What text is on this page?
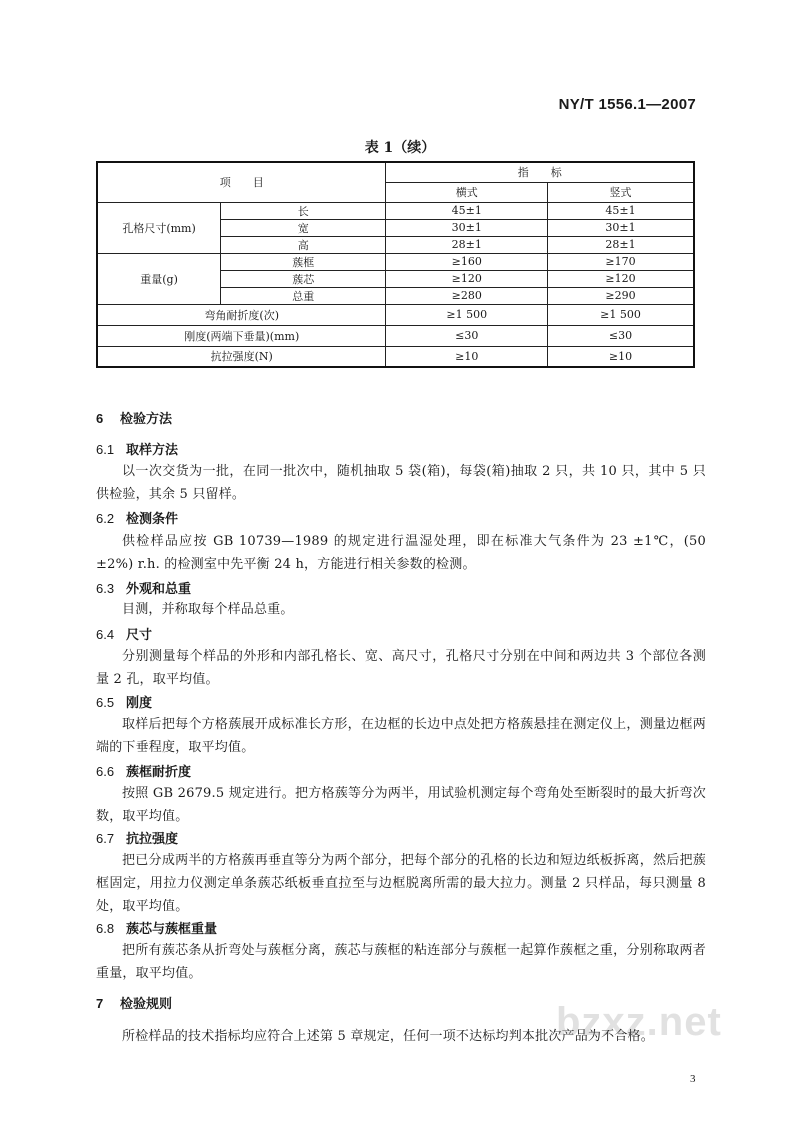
NY/T 1556.1—2007
表 1（续）
项　　目		指　　标	
		横式	竖式
孔格尺寸(mm)	长	45±1	45±1
	宽	30±1	30±1
	高	28±1	28±1
重量(g)	蔟框	≥160	≥170
	蔟芯	≥120	≥120
	总重	≥280	≥290
弯角耐折度(次)		≥1 500	≥1 500
刚度(两端下垂量)(mm)		≤30	≤30
抗拉强度(N)		≥10	≥10
6 检验方法
6.1 取样方法
以一次交货为一批，在同一批次中，随机抽取 5 袋(箱)，每袋(箱)抽取 2 只，共 10 只，其中 5 只供检验，其余 5 只留样。
6.2 检测条件
供检样品应按 GB 10739—1989 的规定进行温湿处理，即在标准大气条件为 23 ±1℃，(50 ±2%) r.h. 的检测室中先平衡 24 h，方能进行相关参数的检测。
6.3 外观和总重
目测，并称取每个样品总重。
6.4 尺寸
分别测量每个样品的外形和内部孔格长、宽、高尺寸，孔格尺寸分别在中间和两边共 3 个部位各测量 2 孔，取平均值。
6.5 刚度
取样后把每个方格蔟展开成标准长方形，在边框的长边中点处把方格蔟悬挂在测定仪上，测量边框两端的下垂程度，取平均值。
6.6 蔟框耐折度
按照 GB 2679.5 规定进行。把方格蔟等分为两半，用试验机测定每个弯角处至断裂时的最大折弯次数，取平均值。
6.7 抗拉强度
把已分成两半的方格蔟再垂直等分为两个部分，把每个部分的孔格的长边和短边纸板拆离，然后把蔟框固定，用拉力仪测定单条蔟芯纸板垂直拉至与边框脱离所需的最大拉力。测量 2 只样品，每只测量 8 处，取平均值。
6.8 蔟芯与蔟框重量
把所有蔟芯条从折弯处与蔟框分离，蔟芯与蔟框的粘连部分与蔟框一起算作蔟框之重，分别称取两者重量，取平均值。
7 检验规则
所检样品的技术指标均应符合上述第 5 章规定，任何一项不达标均判本批次产品为不合格。
bzxz.net
3
